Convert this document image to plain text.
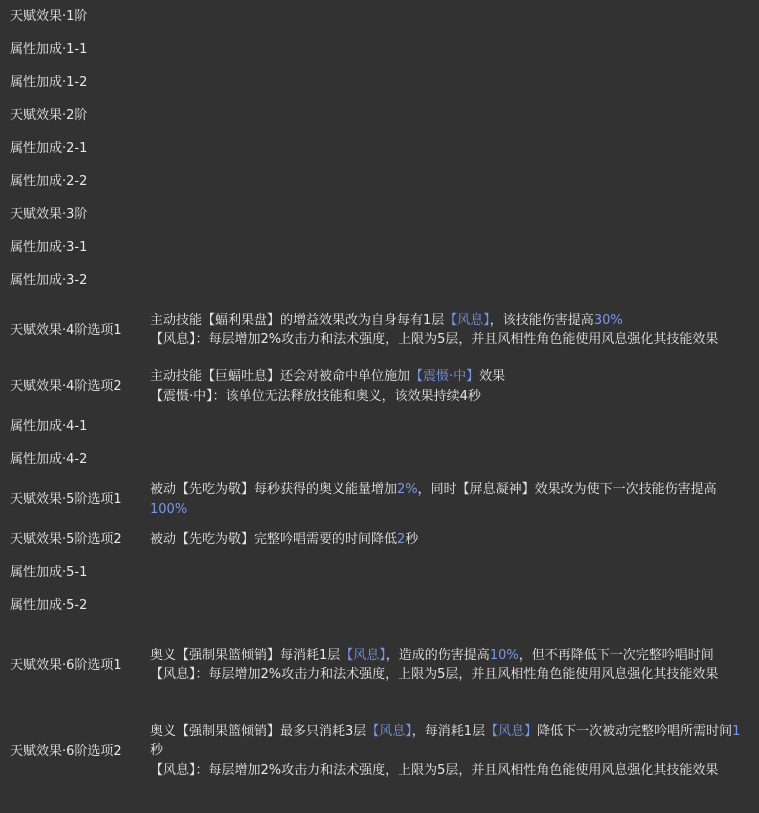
天赋效果·1阶
属性加成·1-1
属性加成·1-2
天赋效果·2阶
属性加成·2-1
属性加成·2-2
天赋效果·3阶
属性加成·3-1
属性加成·3-2
天赋效果·4阶选项1
主动技能【蝠利果盘】的增益效果改为自身每有1层【风息】，该技能伤害提高30%
【风息】：每层增加2%攻击力和法术强度，上限为5层，并且风相性角色能使用风息强化其技能效果
天赋效果·4阶选项2
主动技能【巨蝠吐息】还会对被命中单位施加【震慑·中】效果
【震慑·中】：该单位无法释放技能和奥义，该效果持续4秒
属性加成·4-1
属性加成·4-2
天赋效果·5阶选项1
被动【先吃为敬】每秒获得的奥义能量增加2%，同时【屏息凝神】效果改为使下一次技能伤害提高100%
天赋效果·5阶选项2	被动【先吃为敬】完整吟唱需要的时间降低2秒
属性加成·5-1
属性加成·5-2
天赋效果·6阶选项1
奥义【强制果篮倾销】每消耗1层【风息】，造成的伤害提高10%，但不再降低下一次完整吟唱时间
【风息】：每层增加2%攻击力和法术强度，上限为5层，并且风相性角色能使用风息强化其技能效果
天赋效果·6阶选项2
奥义【强制果篮倾销】最多只消耗3层【风息】，每消耗1层【风息】降低下一次被动完整吟唱所需时间1秒
【风息】：每层增加2%攻击力和法术强度，上限为5层，并且风相性角色能使用风息强化其技能效果
